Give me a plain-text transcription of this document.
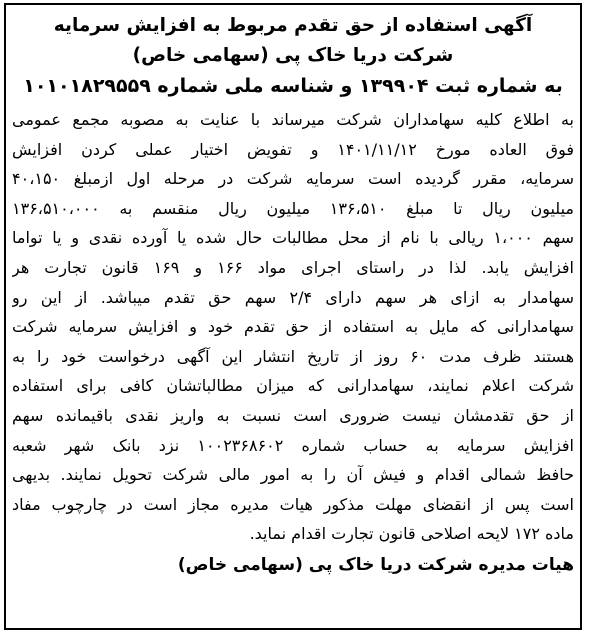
آگهی استفاده از حق تقدم مربوط به افزایش سرمایه
شرکت دریا خاک پی (سهامی خاص)
به شماره ثبت ۱۳۹۹۰۴ و شناسه ملی شماره ۱۰۱۰۱۸۲۹۵۵۹
به اطلاع کلیه سهامداران شرکت میرساند با عنایت به مصوبه مجمع عمومی
فوق العاده مورخ ۱۴۰۱/۱۱/۱۲ و تفویض اختیار عملی کردن افزایش
سرمایه، مقرر گردیده است سرمایه شرکت در مرحله اول ازمبلغ ۴۰،۱۵۰
میلیون ریال تا مبلغ ۱۳۶،۵۱۰ میلیون ریال منقسم به ۱۳۶،۵۱۰،۰۰۰
سهم ۱،۰۰۰ ریالی با نام از محل مطالبات حال شده یا آورده نقدی و یا تواما
افزایش یابد. لذا در راستای اجرای مواد ۱۶۶ و ۱۶۹ قانون تجارت هر
سهامدار به ازای هر سهم دارای ۲/۴ سهم حق تقدم میباشد. از این رو
سهامدارانی که مایل به استفاده از حق تقدم خود و افزایش سرمایه شرکت
هستند ظرف مدت ۶۰ روز از تاریخ انتشار این آگهی درخواست خود را به
شرکت اعلام نمایند، سهامدارانی که میزان مطالباتشان کافی برای استفاده
از حق تقدمشان نیست ضروری است نسبت به واریز نقدی باقیمانده سهم
افزایش سرمایه به حساب شماره ۱۰۰۲۳۶۸۶۰۲ نزد بانک شهر شعبه
حافظ شمالی اقدام و فیش آن را به امور مالی شرکت تحویل نمایند. بدیهی
است پس از انقضای مهلت مذکور هیات مدیره مجاز است در چارچوب مفاد
ماده ۱۷۲ لایحه اصلاحی قانون تجارت اقدام نماید.
هیات مدیره شرکت دریا خاک پی (سهامی خاص)
